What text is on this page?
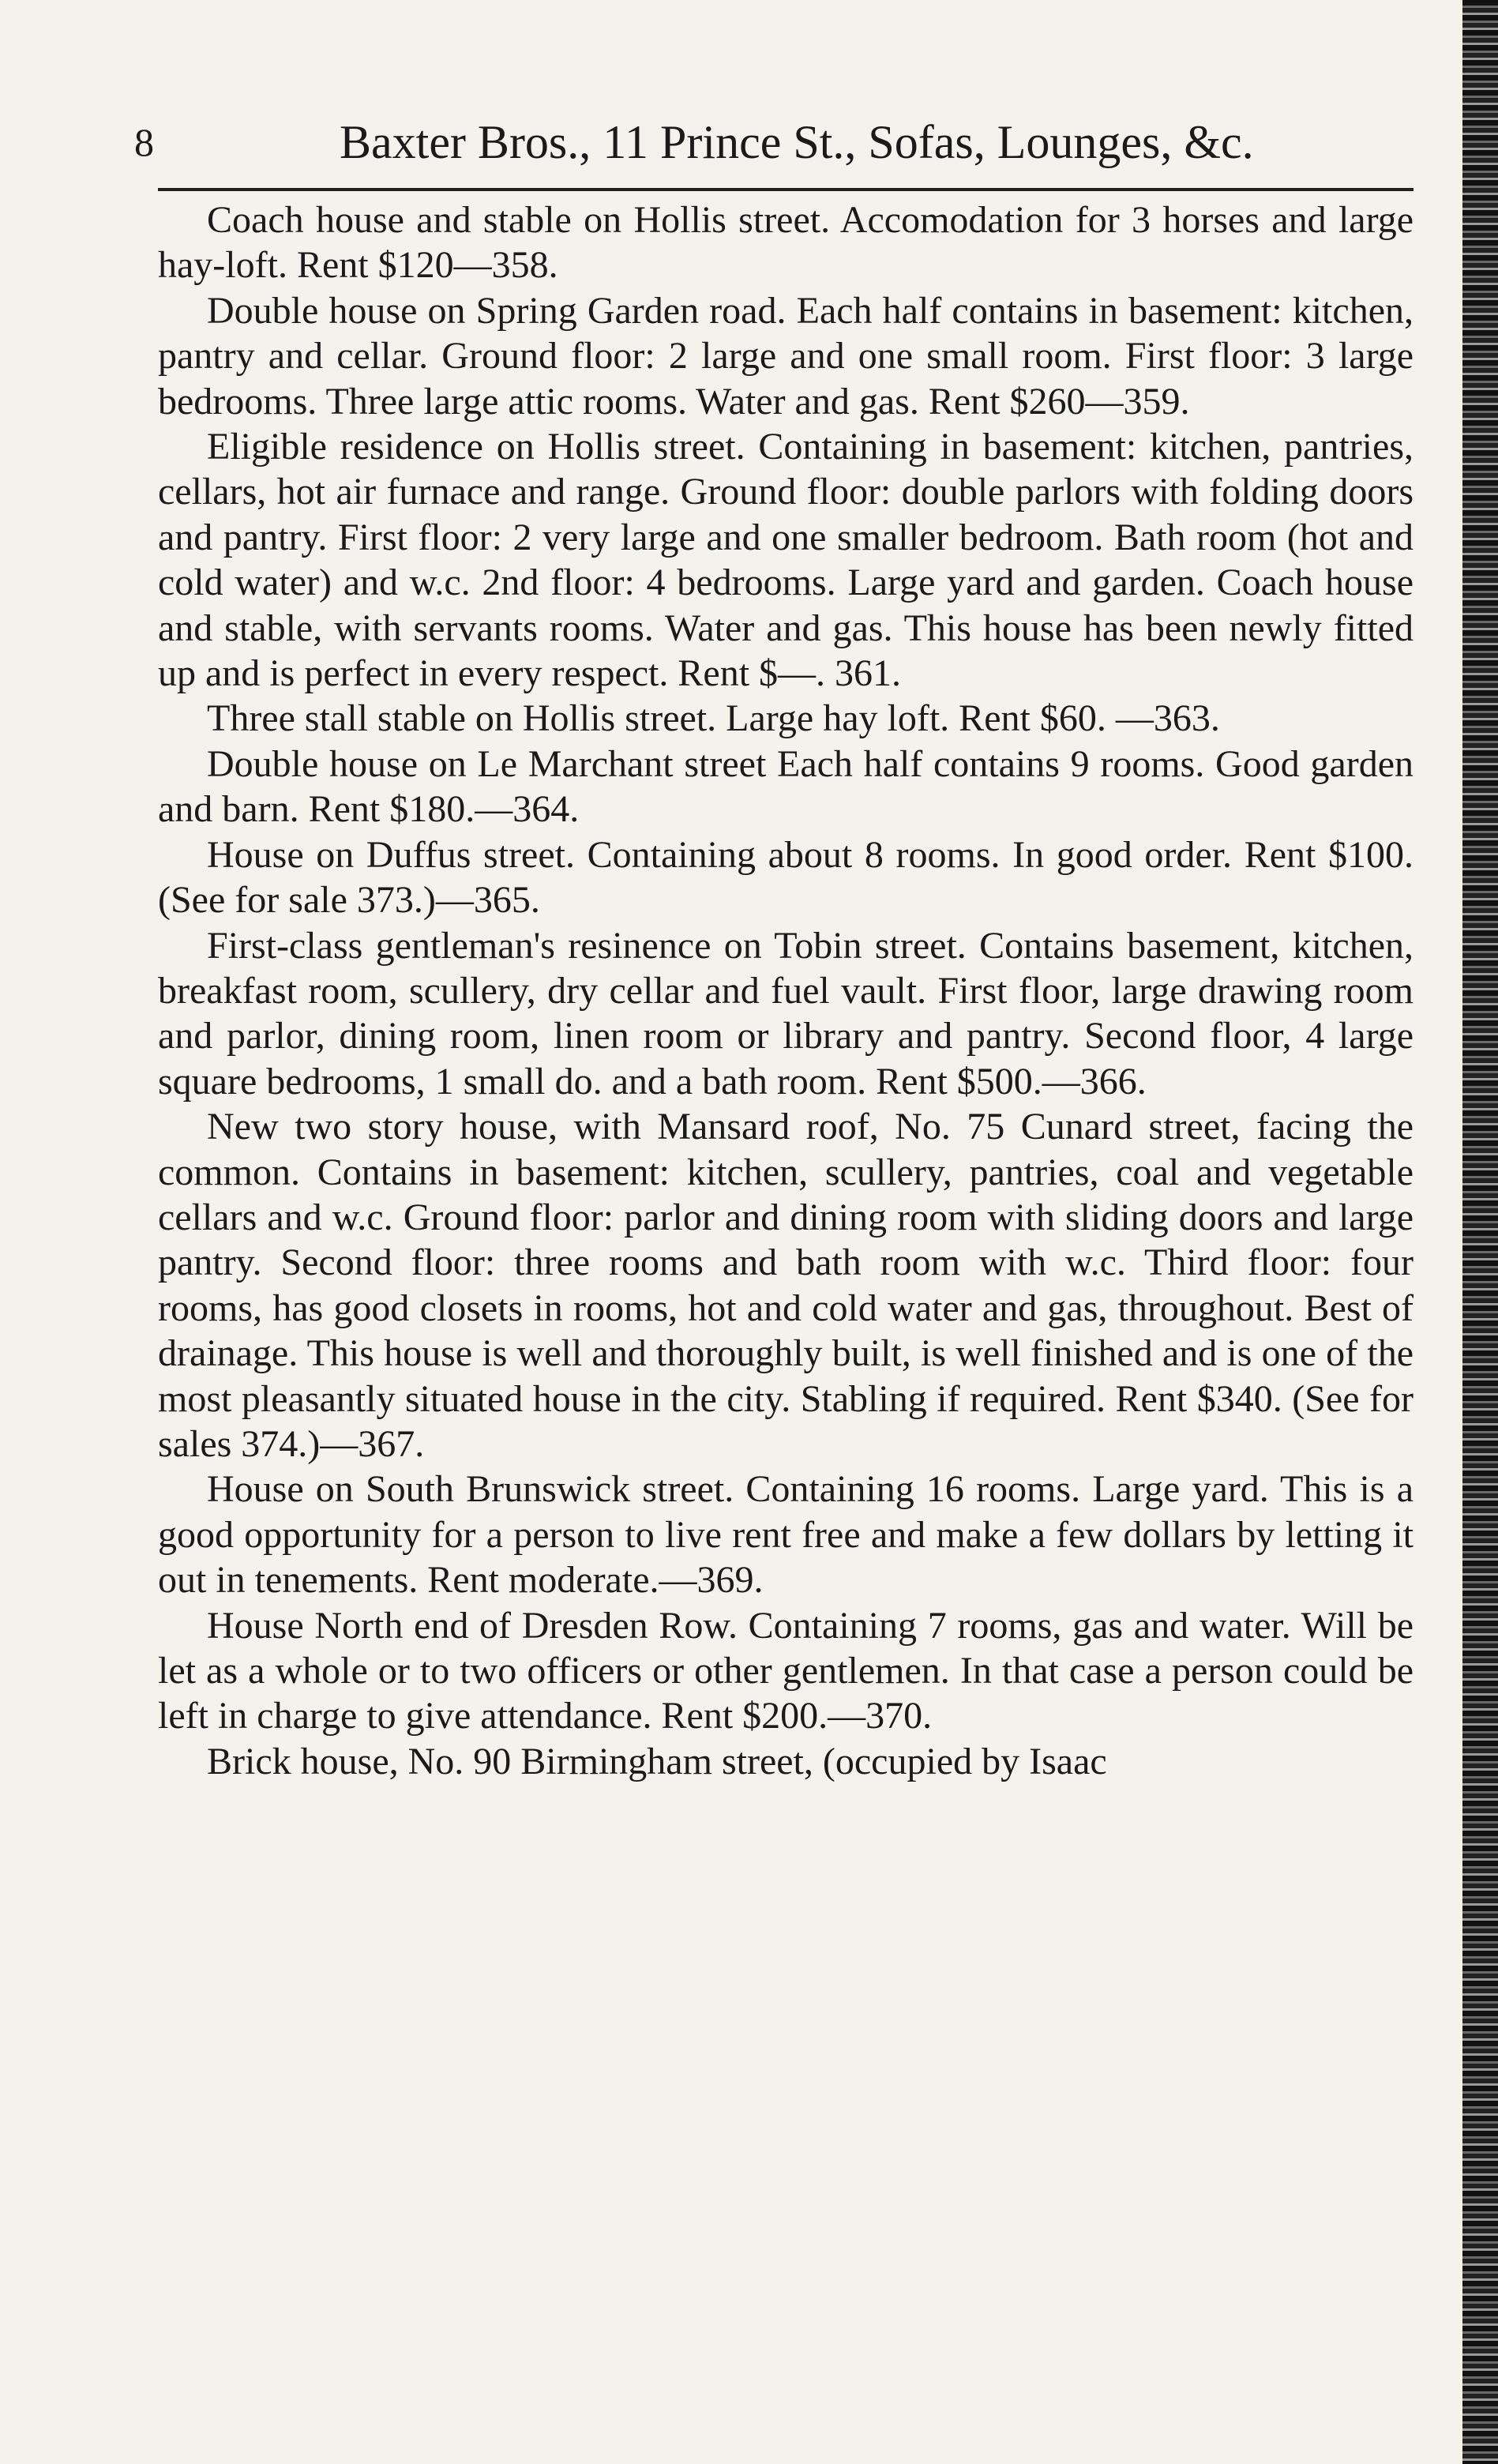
8	Baxter Bros., 11 Prince St., Sofas, Lounges, &c.

Coach house and stable on Hollis street. Accomodation for 3 horses and large hay-loft. Rent $120—358.

Double house on Spring Garden road. Each half contains in basement: kitchen, pantry and cellar. Ground floor: 2 large and one small room. First floor: 3 large bedrooms. Three large attic rooms. Water and gas. Rent $260—359.

Eligible residence on Hollis street. Containing in basement: kitchen, pantries, cellars, hot air furnace and range. Ground floor: double parlors with folding doors and pantry. First floor: 2 very large and one smaller bedroom. Bath room (hot and cold water) and w.c. 2nd floor: 4 bedrooms. Large yard and garden. Coach house and stable, with servants rooms. Water and gas. This house has been newly fitted up and is perfect in every respect. Rent $—. 361.

Three stall stable on Hollis street. Large hay loft. Rent $60. —363.

Double house on Le Marchant street Each half contains 9 rooms. Good garden and barn. Rent $180.—364.

House on Duffus street. Containing about 8 rooms. In good order. Rent $100. (See for sale 373.)—365.

First-class gentleman's resinence on Tobin street. Contains basement, kitchen, breakfast room, scullery, dry cellar and fuel vault. First floor, large drawing room and parlor, dining room, linen room or library and pantry. Second floor, 4 large square bedrooms, 1 small do. and a bath room. Rent $500.—366.

New two story house, with Mansard roof, No. 75 Cunard street, facing the common. Contains in basement: kitchen, scullery, pantries, coal and vegetable cellars and w.c. Ground floor: parlor and dining room with sliding doors and large pantry. Second floor: three rooms and bath room with w.c. Third floor: four rooms, has good closets in rooms, hot and cold water and gas, throughout. Best of drainage. This house is well and thoroughly built, is well finished and is one of the most pleasantly situated house in the city. Stabling if required. Rent $340. (See for sales 374.)—367.

House on South Brunswick street. Containing 16 rooms. Large yard. This is a good opportunity for a person to live rent free and make a few dollars by letting it out in tenements. Rent moderate.—369.

House North end of Dresden Row. Containing 7 rooms, gas and water. Will be let as a whole or to two officers or other gentlemen. In that case a person could be left in charge to give attendance. Rent $200.—370.

Brick house, No. 90 Birmingham street, (occupied by Isaac
